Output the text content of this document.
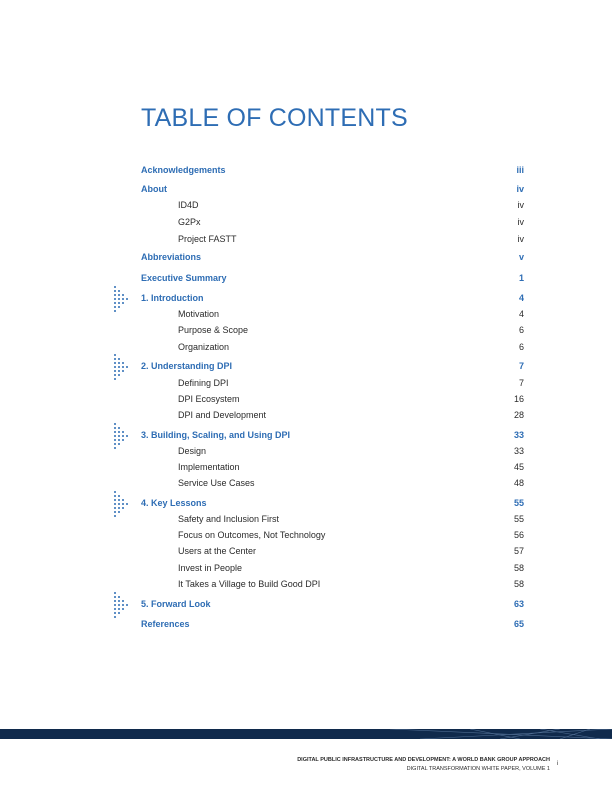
TABLE OF CONTENTS
Acknowledgements	iii
About	iv
ID4D	iv
G2Px	iv
Project FASTT	iv
Abbreviations	v
Executive Summary	1
1. Introduction	4
Motivation	4
Purpose & Scope	6
Organization	6
2. Understanding DPI	7
Defining DPI	7
DPI Ecosystem	16
DPI and Development	28
3. Building, Scaling, and Using DPI	33
Design	33
Implementation	45
Service Use Cases	48
4. Key Lessons	55
Safety and Inclusion First	55
Focus on Outcomes, Not Technology	56
Users at the Center	57
Invest in People	58
It Takes a Village to Build Good DPI	58
5. Forward Look	63
References	65
DIGITAL PUBLIC INFRASTRUCTURE AND DEVELOPMENT: A WORLD BANK GROUP APPROACH
DIGITAL TRANSFORMATION WHITE PAPER, VOLUME 1
i
